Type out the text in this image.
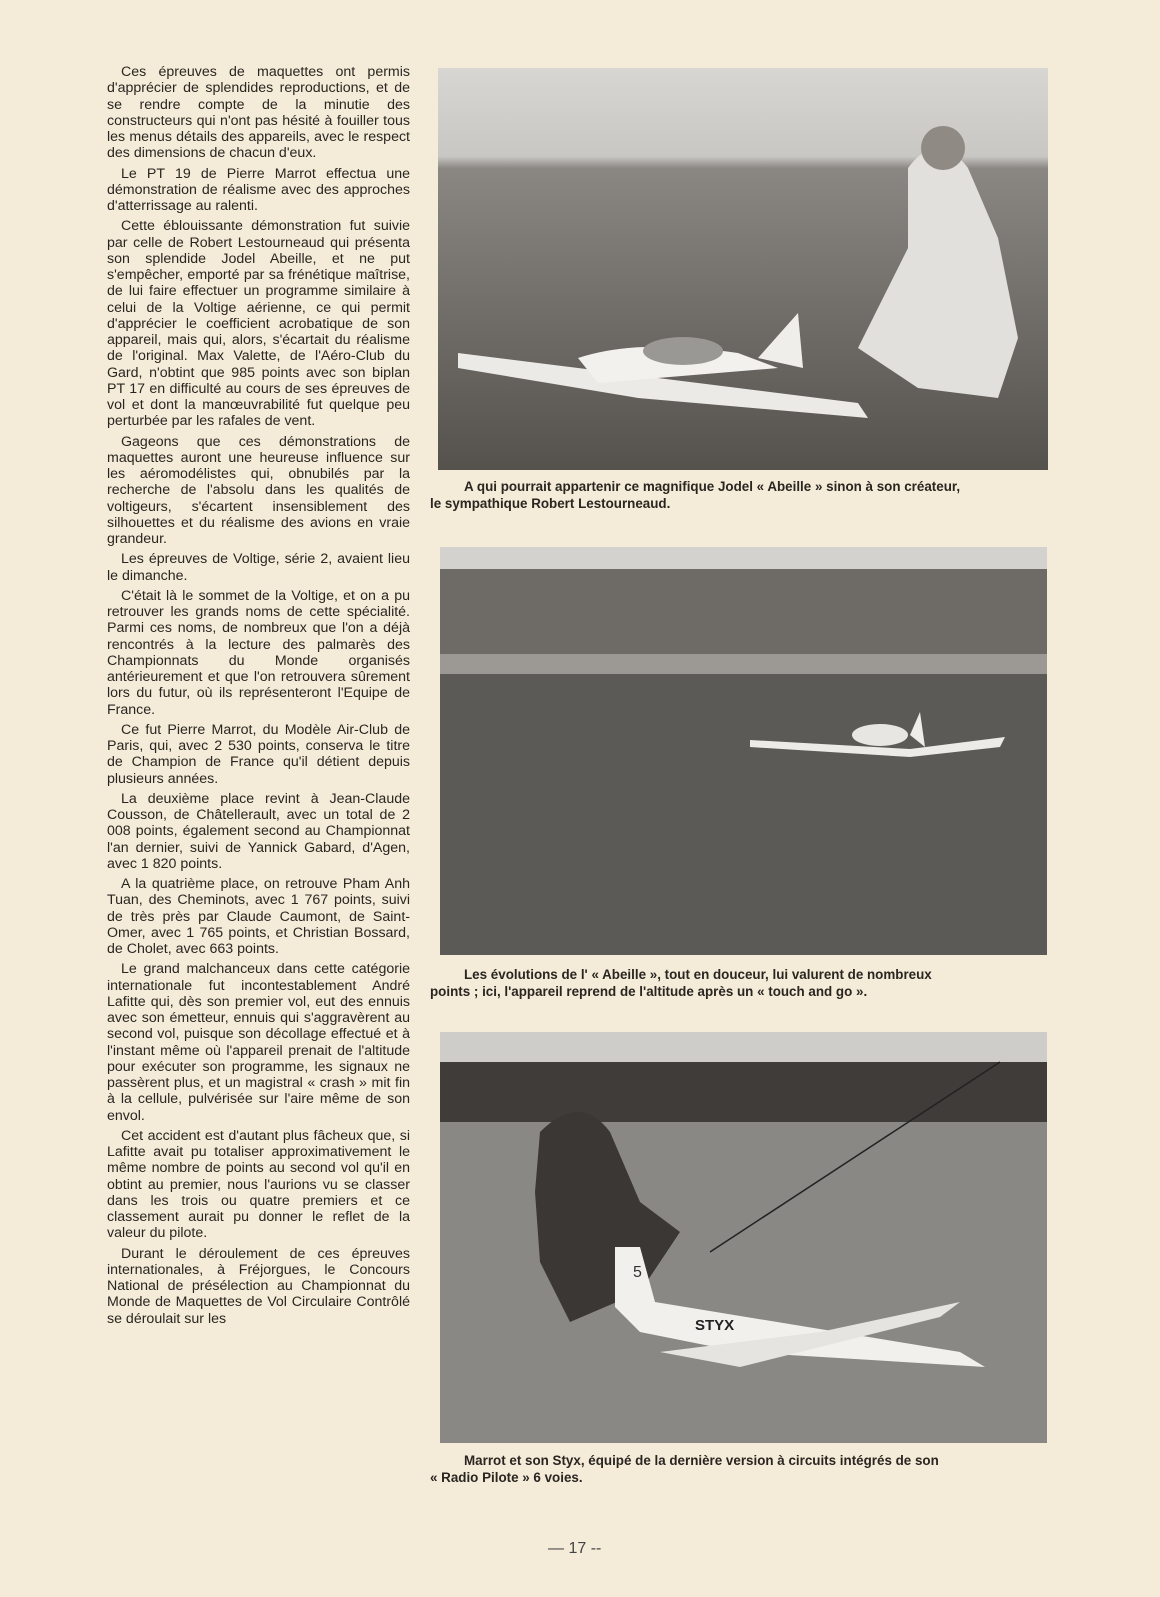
Ces épreuves de maquettes ont permis d'apprécier de splendides reproductions, et de se rendre compte de la minutie des constructeurs qui n'ont pas hésité à fouiller tous les menus détails des appareils, avec le respect des dimensions de chacun d'eux.

Le PT 19 de Pierre Marrot effectua une démonstration de réalisme avec des approches d'atterrissage au ralenti.

Cette éblouissante démonstration fut suivie par celle de Robert Lestourneaud qui présenta son splendide Jodel Abeille, et ne put s'empêcher, emporté par sa frénétique maîtrise, de lui faire effectuer un programme similaire à celui de la Voltige aérienne, ce qui permit d'apprécier le coefficient acrobatique de son appareil, mais qui, alors, s'écartait du réalisme de l'original. Max Valette, de l'Aéro-Club du Gard, n'obtint que 985 points avec son biplan PT 17 en difficulté au cours de ses épreuves de vol et dont la manœuvrabilité fut quelque peu perturbée par les rafales de vent.

Gageons que ces démonstrations de maquettes auront une heureuse influence sur les aéromodélistes qui, obnubilés par la recherche de l'absolu dans les qualités de voltigeurs, s'écartent insensiblement des silhouettes et du réalisme des avions en vraie grandeur.

Les épreuves de Voltige, série 2, avaient lieu le dimanche.

C'était là le sommet de la Voltige, et on a pu retrouver les grands noms de cette spécialité. Parmi ces noms, de nombreux que l'on a déjà rencontrés à la lecture des palmarès des Championnats du Monde organisés antérieurement et que l'on retrouvera sûrement lors du futur, où ils représenteront l'Equipe de France.

Ce fut Pierre Marrot, du Modèle Air-Club de Paris, qui, avec 2 530 points, conserva le titre de Champion de France qu'il détient depuis plusieurs années.

La deuxième place revint à Jean-Claude Cousson, de Châtellerault, avec un total de 2 008 points, également second au Championnat l'an dernier, suivi de Yannick Gabard, d'Agen, avec 1 820 points.

A la quatrième place, on retrouve Pham Anh Tuan, des Cheminots, avec 1 767 points, suivi de très près par Claude Caumont, de Saint-Omer, avec 1 765 points, et Christian Bossard, de Cholet, avec 663 points.

Le grand malchanceux dans cette catégorie internationale fut incontestablement André Lafitte qui, dès son premier vol, eut des ennuis avec son émetteur, ennuis qui s'aggravèrent au second vol, puisque son décollage effectué et à l'instant même où l'appareil prenait de l'altitude pour exécuter son programme, les signaux ne passèrent plus, et un magistral « crash » mit fin à la cellule, pulvérisée sur l'aire même de son envol.

Cet accident est d'autant plus fâcheux que, si Lafitte avait pu totaliser approximativement le même nombre de points au second vol qu'il en obtint au premier, nous l'aurions vu se classer dans les trois ou quatre premiers et ce classement aurait pu donner le reflet de la valeur du pilote.

Durant le déroulement de ces épreuves internationales, à Fréjorgues, le Concours National de présélection au Championnat du Monde de Maquettes de Vol Circulaire Contrôlé se déroulait sur les

A qui pourrait appartenir ce magnifique Jodel « Abeille » sinon à son créateur,
le sympathique Robert Lestourneaud.
Les évolutions de l' « Abeille », tout en douceur, lui valurent de nombreux
points ; ici, l'appareil reprend de l'altitude après un « touch and go ».
STYX
5
Marrot et son Styx, équipé de la dernière version à circuits intégrés de son
« Radio Pilote » 6 voies.
— 17 --
